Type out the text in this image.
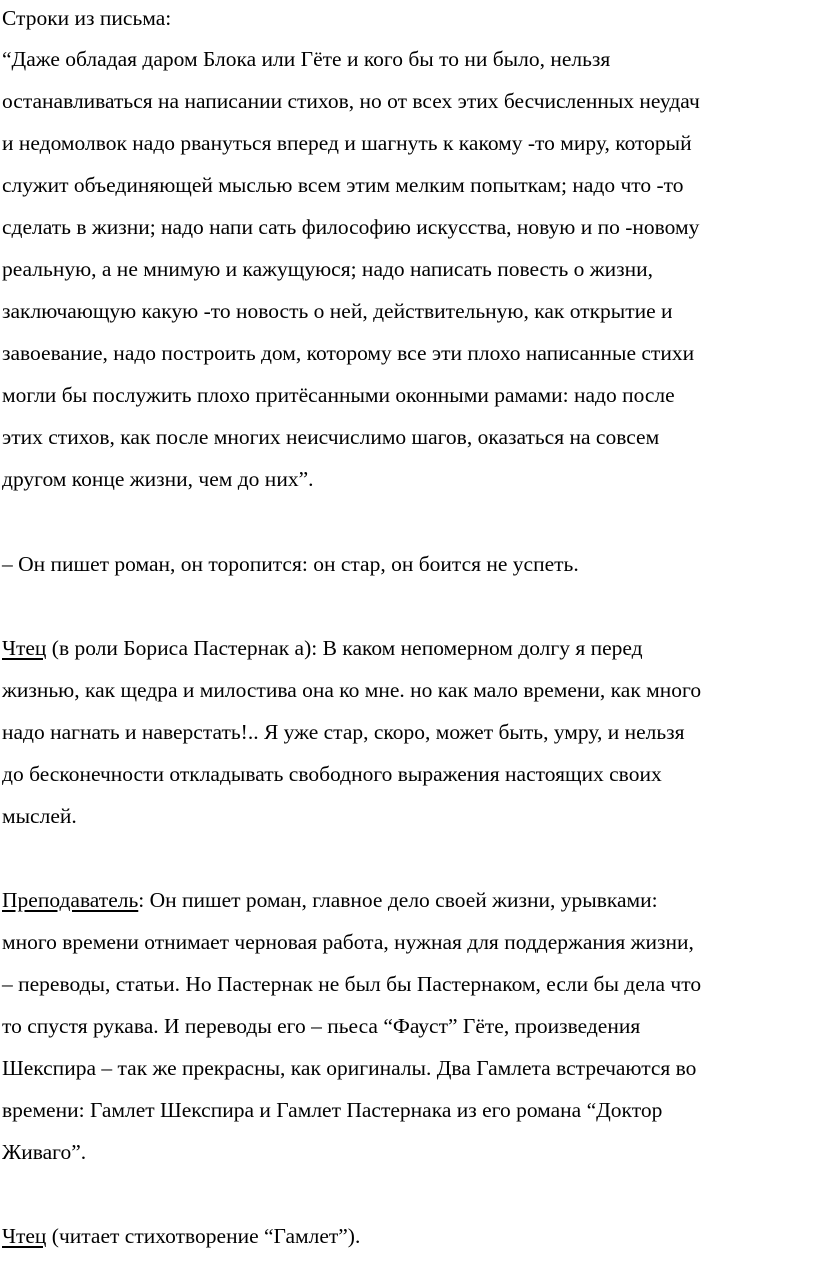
Строки из письма:
“Даже обладая даром Блока или Гёте и кого бы то ни было, нельзя
останавливаться на написании стихов, но от всех этих бесчисленных неудач
и недомолвок надо рвануться вперед и шагнуть к какому -то миру, который
служит объединяющей мыслью всем этим мелким попыткам; надо что -то
сделать в жизни; надо напи сать философию искусства, новую и по -новому
реальную, а не мнимую и кажущуюся; надо написать повесть о жизни,
заключающую какую -то новость о ней, действительную, как открытие и
завоевание, надо построить дом, которому все эти плохо написанные стихи
могли бы послужить плохо притёсанными оконными рамами: надо после
этих стихов, как после многих неисчислимо шагов, оказаться на совсем
другом конце жизни, чем до них”.
– Он пишет роман, он торопится: он стар, он боится не успеть.
Чтец (в роли Бориса Пастернак а): В каком непомерном долгу я перед
жизнью, как щедра и милостива она ко мне. но как мало времени, как много
надо нагнать и наверстать!.. Я уже стар, скоро, может быть, умру, и нельзя
до бесконечности откладывать свободного выражения настоящих своих
мыслей.
Преподаватель: Он пишет роман, главное дело своей жизни, урывками:
много времени отнимает черновая работа, нужная для поддержания жизни,
– переводы, статьи. Но Пастернак не был бы Пастернаком, если бы дела что
то спустя рукава. И переводы его – пьеса “Фауст” Гёте, произведения
Шекспира – так же прекрасны, как оригиналы. Два Гамлета встречаются во
времени: Гамлет Шекспира и Гамлет Пастернака из его романа “Доктор
Живаго”.
Чтец (читает стихотворение “Гамлет”).
